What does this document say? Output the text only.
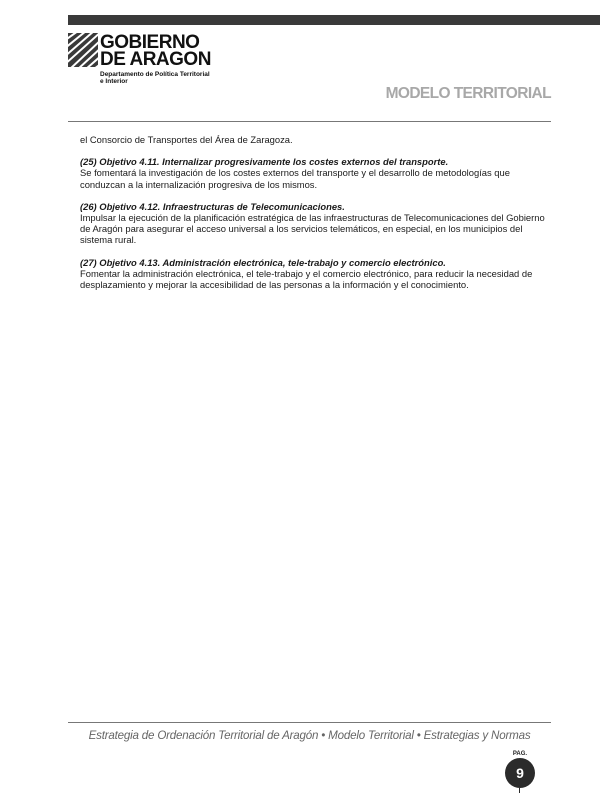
GOBIERNO
DE ARAGON
Departamento de Política Territorial
e Interior
MODELO TERRITORIAL

el Consorcio de Transportes del Área de Zaragoza.

(25) Objetivo 4.11. Internalizar progresivamente los costes externos del transporte.

Se fomentará la investigación de los costes externos del transporte y el desarrollo de metodologías que conduzcan a la internalización progresiva de los mismos.

(26) Objetivo 4.12. Infraestructuras de Telecomunicaciones.

Impulsar la ejecución de la planificación estratégica de las infraestructuras de Telecomunicaciones del Gobierno de Aragón para asegurar el acceso universal a los servicios telemáticos, en especial, en los municipios del sistema rural.

(27) Objetivo 4.13. Administración electrónica, tele-trabajo y comercio electrónico.

Fomentar la administración electrónica, el tele-trabajo y el comercio electrónico, para reducir la necesidad de desplazamiento y mejorar la accesibilidad de las personas a la información y el conocimiento.

Estrategia de Ordenación Territorial de Aragón • Modelo Territorial • Estrategias y Normas
PAG.
9
